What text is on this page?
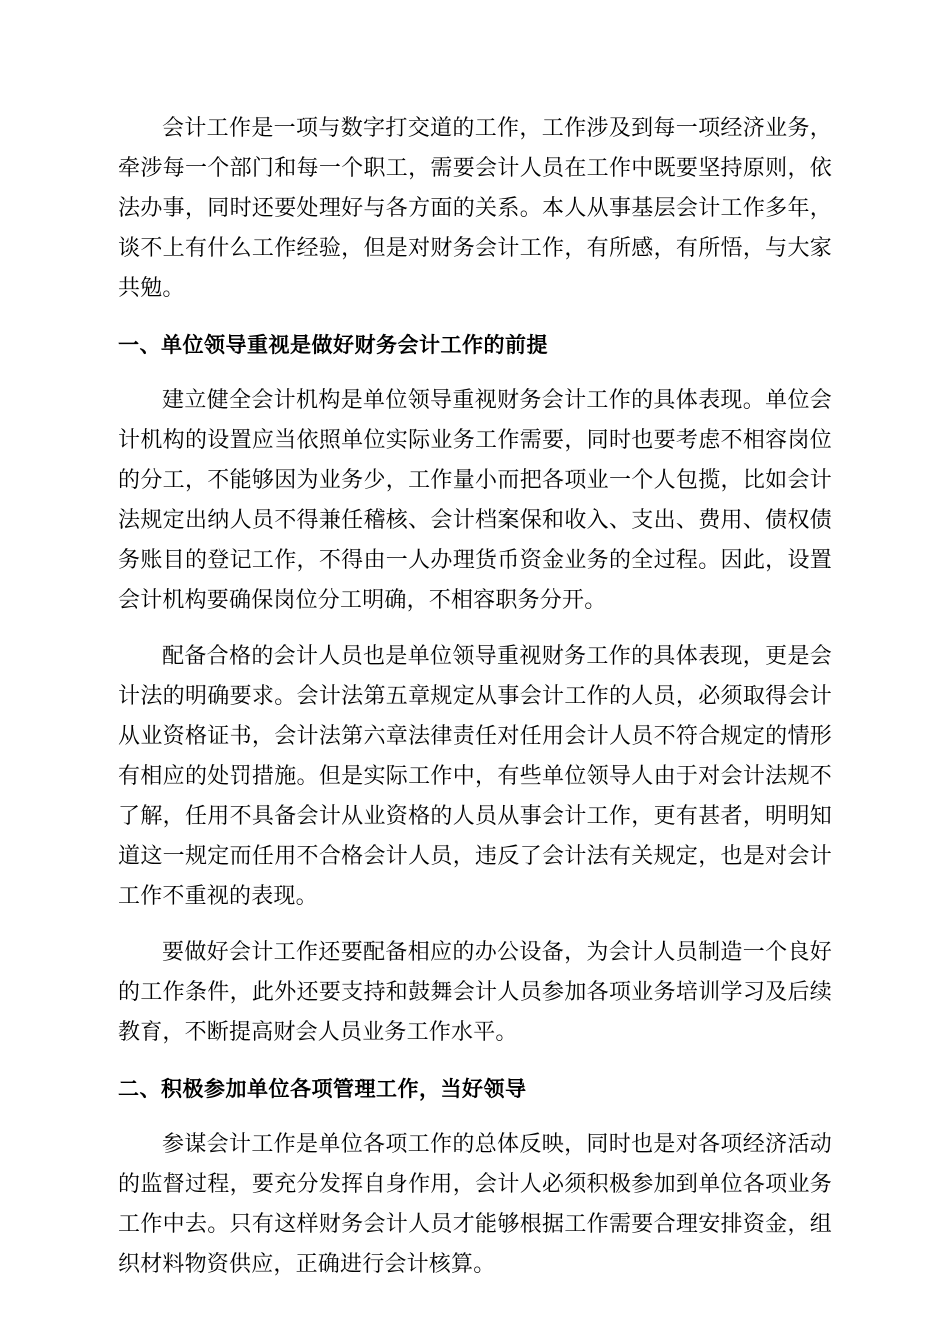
会计工作是一项与数字打交道的工作，工作涉及到每一项经济业务，牵涉每一个部门和每一个职工，需要会计人员在工作中既要坚持原则，依法办事，同时还要处理好与各方面的关系。本人从事基层会计工作多年，谈不上有什么工作经验，但是对财务会计工作，有所感，有所悟，与大家共勉。

一、单位领导重视是做好财务会计工作的前提

建立健全会计机构是单位领导重视财务会计工作的具体表现。单位会计机构的设置应当依照单位实际业务工作需要，同时也要考虑不相容岗位的分工，不能够因为业务少，工作量小而把各项业一个人包揽，比如会计法规定出纳人员不得兼任稽核、会计档案保和收入、支出、费用、债权债务账目的登记工作，不得由一人办理货币资金业务的全过程。因此，设置会计机构要确保岗位分工明确，不相容职务分开。

配备合格的会计人员也是单位领导重视财务工作的具体表现，更是会计法的明确要求。会计法第五章规定从事会计工作的人员，必须取得会计从业资格证书，会计法第六章法律责任对任用会计人员不符合规定的情形有相应的处罚措施。但是实际工作中，有些单位领导人由于对会计法规不了解，任用不具备会计从业资格的人员从事会计工作，更有甚者，明明知道这一规定而任用不合格会计人员，违反了会计法有关规定，也是对会计工作不重视的表现。

要做好会计工作还要配备相应的办公设备，为会计人员制造一个良好的工作条件，此外还要支持和鼓舞会计人员参加各项业务培训学习及后续教育，不断提高财会人员业务工作水平。

二、积极参加单位各项管理工作，当好领导

参谋会计工作是单位各项工作的总体反映，同时也是对各项经济活动的监督过程，要充分发挥自身作用，会计人必须积极参加到单位各项业务工作中去。只有这样财务会计人员才能够根据工作需要合理安排资金，组织材料物资供应，正确进行会计核算。
